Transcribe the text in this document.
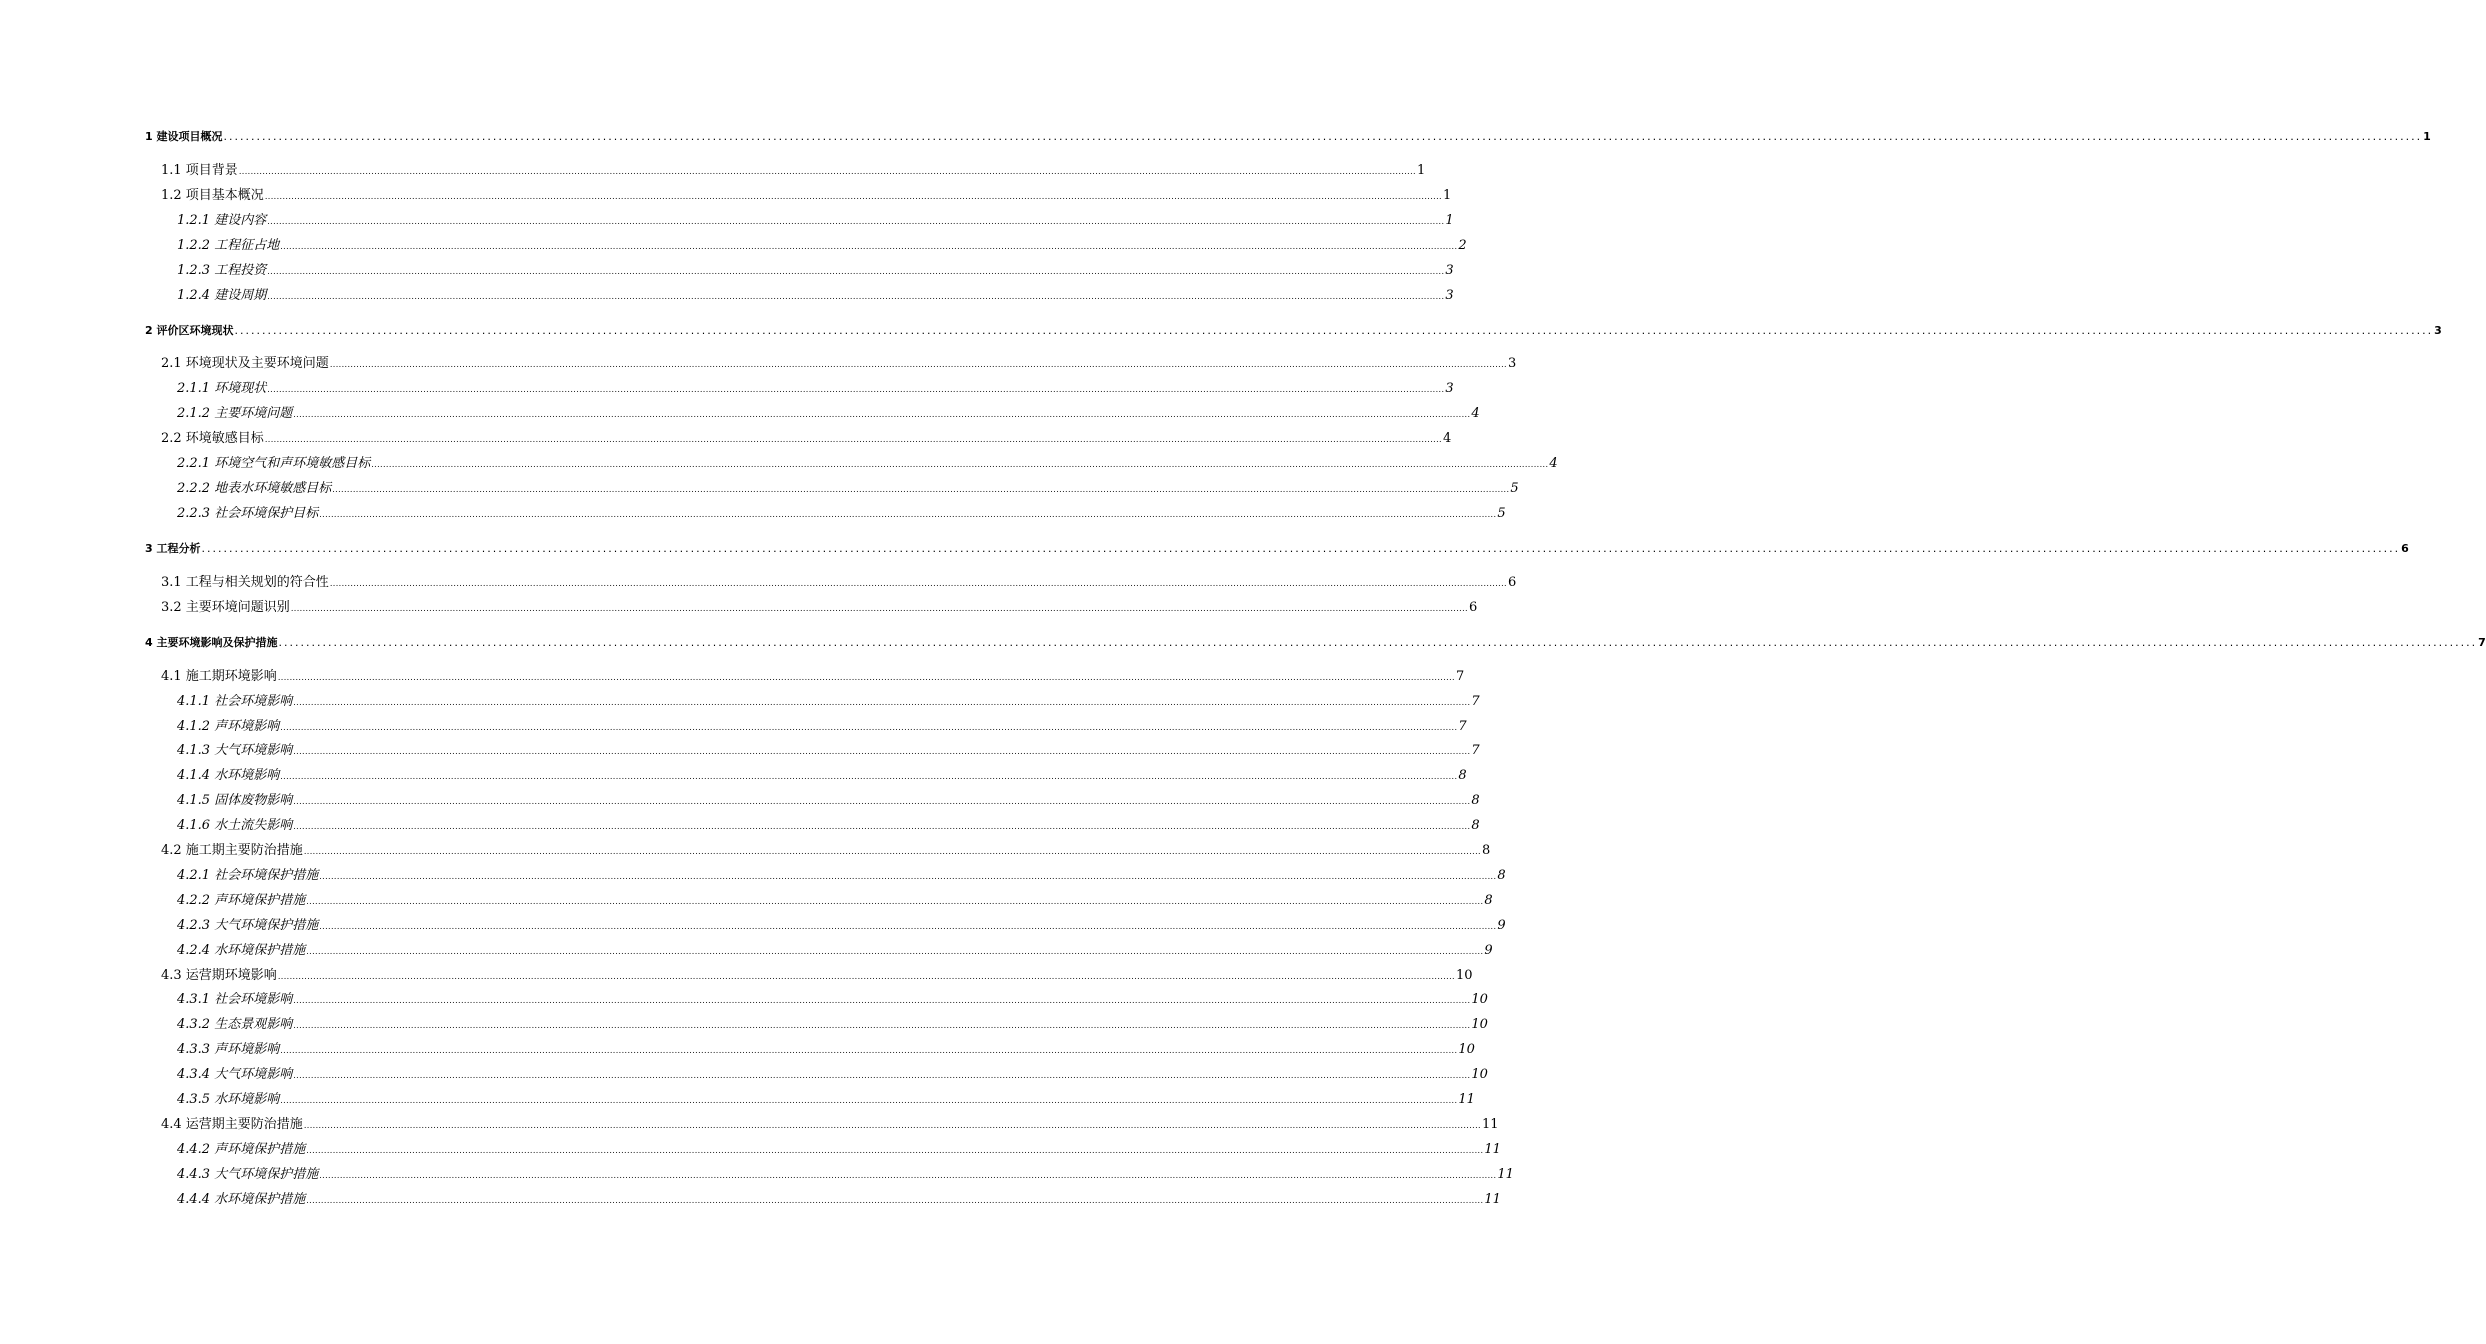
1 建设项目概况 ................................................................................................................................................................................................................................................................................................................................................................................................................ 1
1.1 项目背景 ................................................................................................................................................................................................................................................................................................................................................................................................................ 1
1.2 项目基本概况 ................................................................................................................................................................................................................................................................................................................................................................................................................ 1
1.2.1 建设内容 ................................................................................................................................................................................................................................................................................................................................................................................................................ 1
1.2.2 工程征占地 ................................................................................................................................................................................................................................................................................................................................................................................................................ 2
1.2.3 工程投资 ................................................................................................................................................................................................................................................................................................................................................................................................................ 3
1.2.4 建设周期 ................................................................................................................................................................................................................................................................................................................................................................................................................ 3
2 评价区环境现状 ................................................................................................................................................................................................................................................................................................................................................................................................................ 3
2.1 环境现状及主要环境问题 ................................................................................................................................................................................................................................................................................................................................................................................................................ 3
2.1.1 环境现状 ................................................................................................................................................................................................................................................................................................................................................................................................................ 3
2.1.2 主要环境问题 ................................................................................................................................................................................................................................................................................................................................................................................................................ 4
2.2 环境敏感目标 ................................................................................................................................................................................................................................................................................................................................................................................................................ 4
2.2.1 环境空气和声环境敏感目标 ................................................................................................................................................................................................................................................................................................................................................................................................................ 4
2.2.2 地表水环境敏感目标 ................................................................................................................................................................................................................................................................................................................................................................................................................ 5
2.2.3 社会环境保护目标 ................................................................................................................................................................................................................................................................................................................................................................................................................ 5
3 工程分析 ................................................................................................................................................................................................................................................................................................................................................................................................................ 6
3.1 工程与相关规划的符合性 ................................................................................................................................................................................................................................................................................................................................................................................................................ 6
3.2 主要环境问题识别 ................................................................................................................................................................................................................................................................................................................................................................................................................ 6
4 主要环境影响及保护措施 ................................................................................................................................................................................................................................................................................................................................................................................................................ 7
4.1 施工期环境影响 ................................................................................................................................................................................................................................................................................................................................................................................................................ 7
4.1.1 社会环境影响 ................................................................................................................................................................................................................................................................................................................................................................................................................ 7
4.1.2 声环境影响 ................................................................................................................................................................................................................................................................................................................................................................................................................ 7
4.1.3 大气环境影响 ................................................................................................................................................................................................................................................................................................................................................................................................................ 7
4.1.4 水环境影响 ................................................................................................................................................................................................................................................................................................................................................................................................................ 8
4.1.5 固体废物影响 ................................................................................................................................................................................................................................................................................................................................................................................................................ 8
4.1.6 水土流失影响 ................................................................................................................................................................................................................................................................................................................................................................................................................ 8
4.2 施工期主要防治措施 ................................................................................................................................................................................................................................................................................................................................................................................................................ 8
4.2.1 社会环境保护措施 ................................................................................................................................................................................................................................................................................................................................................................................................................ 8
4.2.2 声环境保护措施 ................................................................................................................................................................................................................................................................................................................................................................................................................ 8
4.2.3 大气环境保护措施 ................................................................................................................................................................................................................................................................................................................................................................................................................ 9
4.2.4 水环境保护措施 ................................................................................................................................................................................................................................................................................................................................................................................................................ 9
4.3 运营期环境影响 ................................................................................................................................................................................................................................................................................................................................................................................................................ 10
4.3.1 社会环境影响 ................................................................................................................................................................................................................................................................................................................................................................................................................ 10
4.3.2 生态景观影响 ................................................................................................................................................................................................................................................................................................................................................................................................................ 10
4.3.3 声环境影响 ................................................................................................................................................................................................................................................................................................................................................................................................................ 10
4.3.4 大气环境影响 ................................................................................................................................................................................................................................................................................................................................................................................................................ 10
4.3.5 水环境影响 ................................................................................................................................................................................................................................................................................................................................................................................................................ 11
4.4 运营期主要防治措施 ................................................................................................................................................................................................................................................................................................................................................................................................................ 11
4.4.2 声环境保护措施 ................................................................................................................................................................................................................................................................................................................................................................................................................ 11
4.4.3 大气环境保护措施 ................................................................................................................................................................................................................................................................................................................................................................................................................ 11
4.4.4 水环境保护措施 ................................................................................................................................................................................................................................................................................................................................................................................................................ 11
